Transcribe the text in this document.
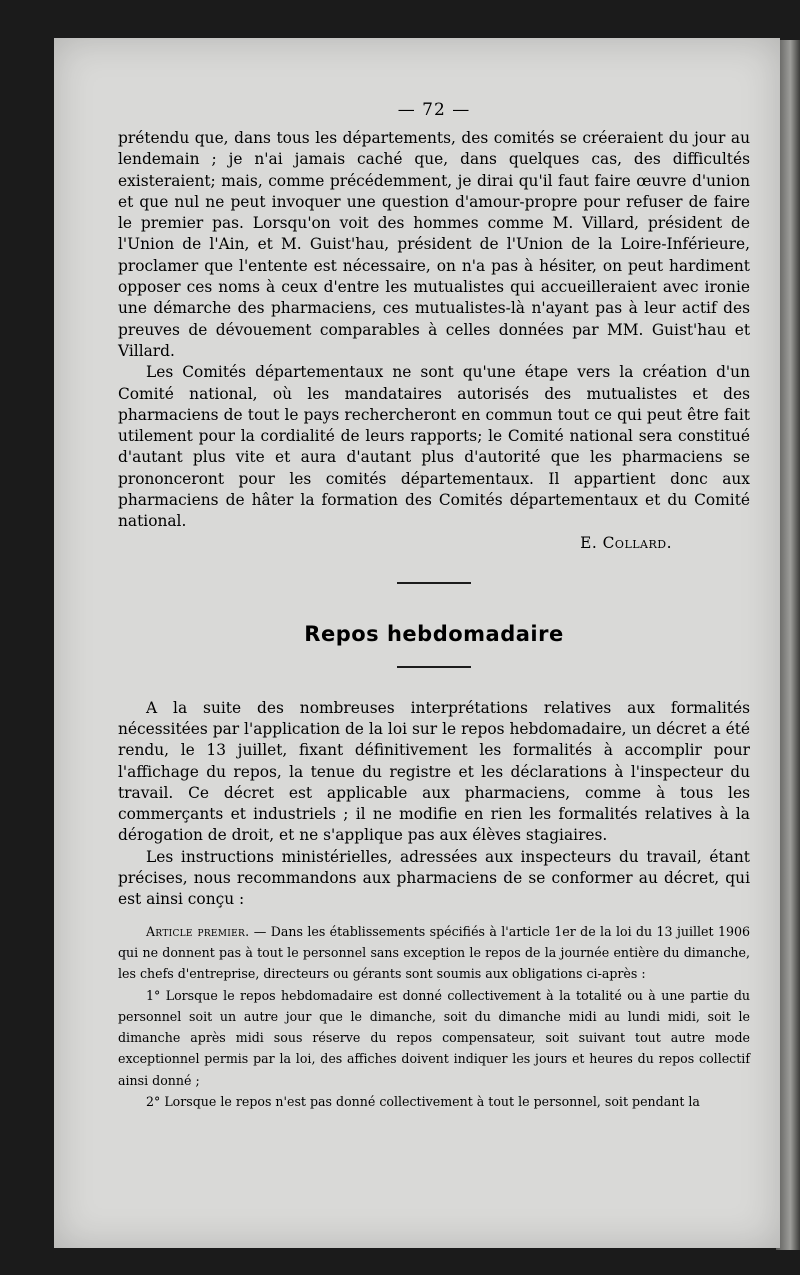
— 72 —

prétendu que, dans tous les départements, des comités se créeraient du jour au lendemain ; je n'ai jamais caché que, dans quelques cas, des difficultés existeraient; mais, comme précédemment, je dirai qu'il faut faire œuvre d'union et que nul ne peut invoquer une question d'amour-propre pour refuser de faire le premier pas. Lorsqu'on voit des hommes comme M. Villard, président de l'Union de l'Ain, et M. Guist'hau, président de l'Union de la Loire-Inférieure, proclamer que l'entente est nécessaire, on n'a pas à hésiter, on peut hardiment opposer ces noms à ceux d'entre les mutualistes qui accueilleraient avec ironie une démarche des pharmaciens, ces mutualistes-là n'ayant pas à leur actif des preuves de dévouement comparables à celles données par MM. Guist'hau et Villard.

Les Comités départementaux ne sont qu'une étape vers la création d'un Comité national, où les mandataires autorisés des mutualistes et des pharmaciens de tout le pays rechercheront en commun tout ce qui peut être fait utilement pour la cordialité de leurs rapports; le Comité national sera constitué d'autant plus vite et aura d'autant plus d'autorité que les pharmaciens se prononceront pour les comités départementaux. Il appartient donc aux pharmaciens de hâter la formation des Comités départementaux et du Comité national.

E. Collard.

Repos hebdomadaire

A la suite des nombreuses interprétations relatives aux formalités nécessitées par l'application de la loi sur le repos hebdomadaire, un décret a été rendu, le 13 juillet, fixant définitivement les formalités à accomplir pour l'affichage du repos, la tenue du registre et les déclarations à l'inspecteur du travail. Ce décret est applicable aux pharmaciens, comme à tous les commerçants et industriels ; il ne modifie en rien les formalités relatives à la dérogation de droit, et ne s'applique pas aux élèves stagiaires.

Les instructions ministérielles, adressées aux inspecteurs du travail, étant précises, nous recommandons aux pharmaciens de se conformer au décret, qui est ainsi conçu :

Article premier. — Dans les établissements spécifiés à l'article 1er de la loi du 13 juillet 1906 qui ne donnent pas à tout le personnel sans exception le repos de la journée entière du dimanche, les chefs d'entreprise, directeurs ou gérants sont soumis aux obligations ci-après :

1° Lorsque le repos hebdomadaire est donné collectivement à la totalité ou à une partie du personnel soit un autre jour que le dimanche, soit du dimanche midi au lundi midi, soit le dimanche après midi sous réserve du repos compensateur, soit suivant tout autre mode exceptionnel permis par la loi, des affiches doivent indiquer les jours et heures du repos collectif ainsi donné ;

2° Lorsque le repos n'est pas donné collectivement à tout le personnel, soit pendant la
